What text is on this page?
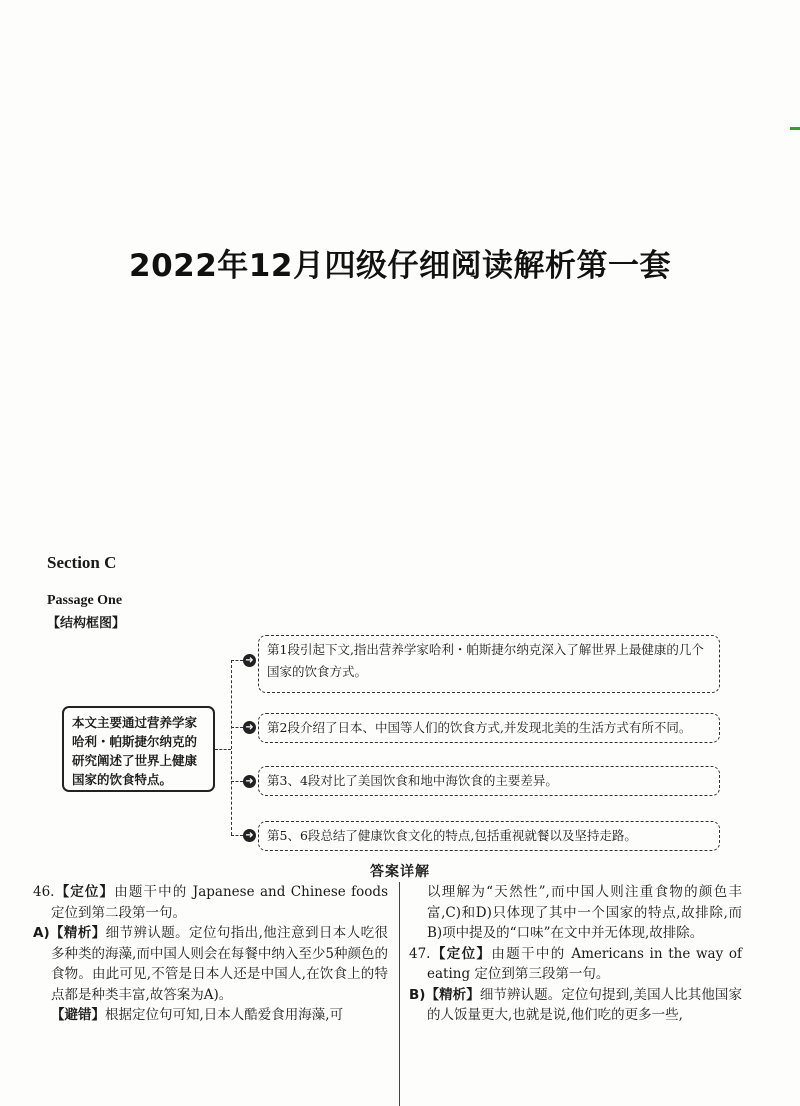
2022年12月四级仔细阅读解析第一套
Section C
Passage One
【结构框图】
本文主要通过营养学家哈利・帕斯捷尔纳克的研究阐述了世界上健康国家的饮食特点。
➜
第1段引起下文,指出营养学家哈利・帕斯捷尔纳克深入了解世界上最健康的几个国家的饮食方式。
➜	第2段介绍了日本、中国等人们的饮食方式,并发现北美的生活方式有所不同。
➜	第3、4段对比了美国饮食和地中海饮食的主要差异。
➜	第5、6段总结了健康饮食文化的特点,包括重视就餐以及坚持走路。
答案详解

46.【定位】由题干中的 Japanese and Chinese foods 定位到第二段第一句。

A)【精析】细节辨认题。定位句指出,他注意到日本人吃很多种类的海藻,而中国人则会在每餐中纳入至少5种颜色的食物。由此可见,不管是日本人还是中国人,在饮食上的特点都是种类丰富,故答案为A)。

【避错】根据定位句可知,日本人酷爱食用海藻,可

以理解为“天然性”,而中国人则注重食物的颜色丰富,C)和D)只体现了其中一个国家的特点,故排除,而B)项中提及的“口味”在文中并无体现,故排除。

47.【定位】由题干中的 Americans in the way of eating 定位到第三段第一句。

B)【精析】细节辨认题。定位句提到,美国人比其他国家的人饭量更大,也就是说,他们吃的更多一些,
